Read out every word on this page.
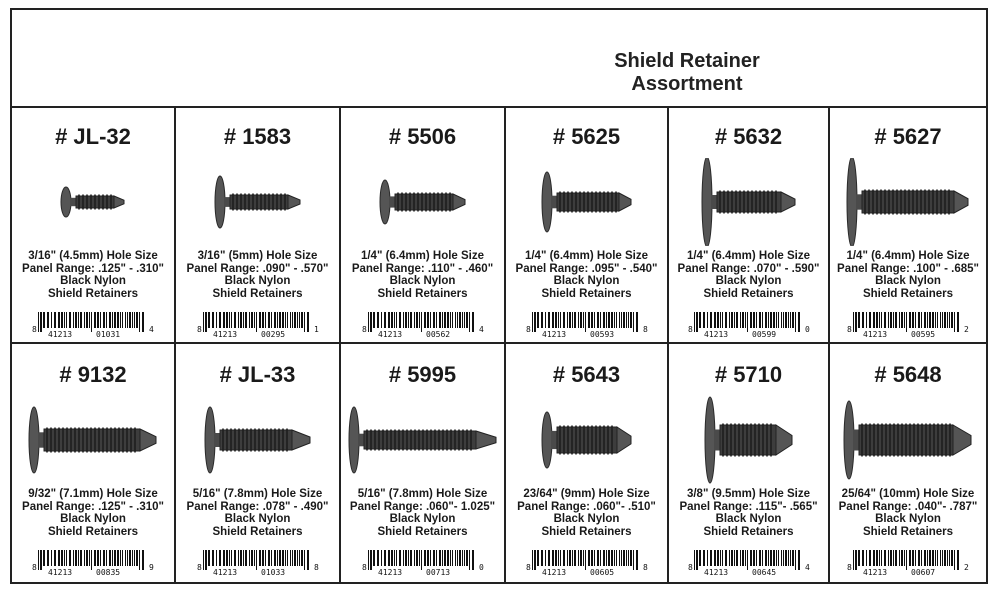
Shield Retainer
Assortment
# JL-32
3/16" (4.5mm) Hole Size
Panel Range: .125" - .310"
Black Nylon
Shield Retainers
8
41213	01031
4
# 1583
3/16" (5mm) Hole Size
Panel Range: .090" - .570"
Black Nylon
Shield Retainers
8
41213	00295
1
# 5506
1/4" (6.4mm) Hole Size
Panel Range: .110" - .460"
Black Nylon
Shield Retainers
8
41213	00562
4
# 5625
1/4" (6.4mm) Hole Size
Panel Range: .095" - .540"
Black Nylon
Shield Retainers
8
41213	00593
8
# 5632
1/4" (6.4mm) Hole Size
Panel Range: .070" - .590"
Black Nylon
Shield Retainers
8
41213	00599
0
# 5627
1/4" (6.4mm) Hole Size
Panel Range: .100" - .685"
Black Nylon
Shield Retainers
8
41213	00595
2
# 9132
9/32" (7.1mm) Hole Size
Panel Range: .125" - .310"
Black Nylon
Shield Retainers
8
41213	00835
9
# JL-33
5/16" (7.8mm) Hole Size
Panel Range: .078" - .490"
Black Nylon
Shield Retainers
8
41213	01033
8
# 5995
5/16" (7.8mm) Hole Size
Panel Range: .060"- 1.025"
Black Nylon
Shield Retainers
8
41213	00713
0
# 5643
23/64" (9mm) Hole Size
Panel Range: .060"- .510"
Black Nylon
Shield Retainers
8
41213	00605
8
# 5710
3/8" (9.5mm) Hole Size
Panel Range: .115"- .565"
Black Nylon
Shield Retainers
8
41213	00645
4
# 5648
25/64" (10mm) Hole Size
Panel Range: .040"- .787"
Black Nylon
Shield Retainers
8
41213	00607
2
